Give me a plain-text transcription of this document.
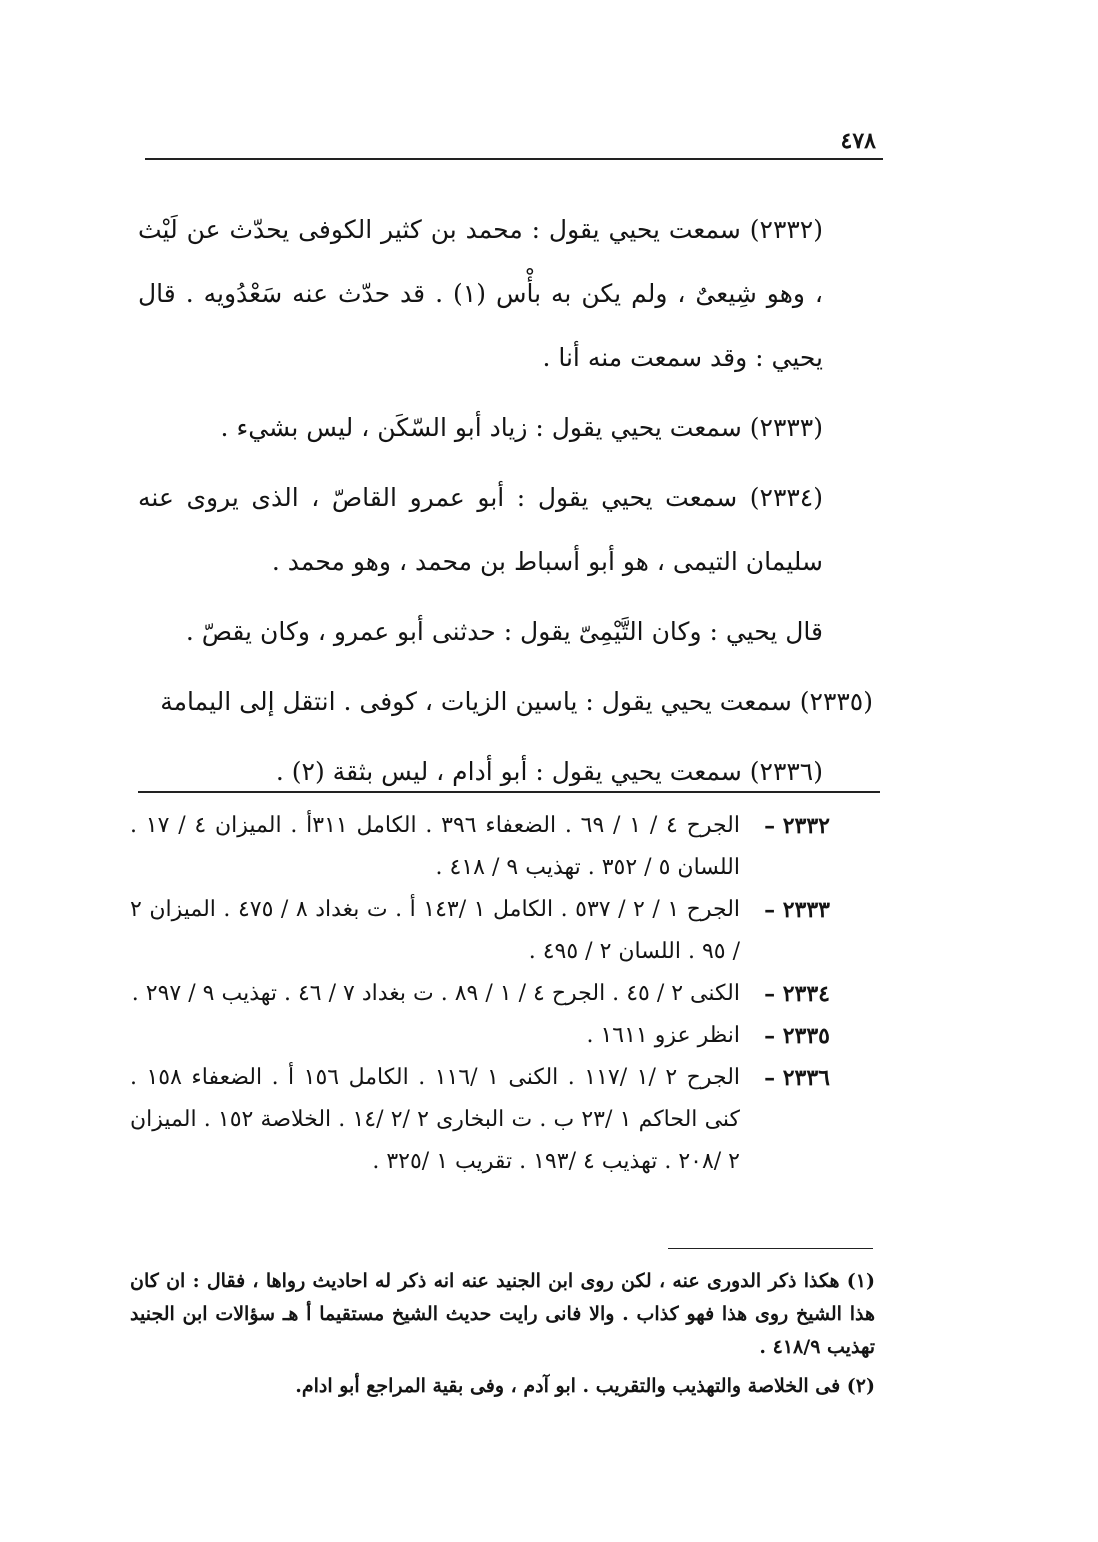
٤٧٨

(٢٣٣٢) سمعت يحيي يقول : محمد بن كثير الكوفى يحدّث عن لَيْث ، وهو شِيعىٌ ، ولم يكن به بأْس (١) . قد حدّث عنه سَعْدُويه . قال يحيي : وقد سمعت منه أنا .

(٢٣٣٣) سمعت يحيي يقول : زياد أبو السّكَن ، ليس بشيء .

(٢٣٣٤) سمعت يحيي يقول : أبو عمرو القاصّ ، الذى يروى عنه سليمان التيمى ، هو أبو أسباط بن محمد ، وهو محمد .

قال يحيي : وكان التَّيْمِىّ يقول : حدثنى أبو عمرو ، وكان يقصّ .

(٢٣٣٥) سمعت يحيي يقول : ياسين الزيات ، كوفى . انتقل إلى اليمامة

(٢٣٣٦) سمعت يحيي يقول : أبو أدام ، ليس بثقة (٢) .

٢٣٣٢ –
الجرح ٤ / ١ / ٦٩ . الضعفاء ٣٩٦ . الكامل ٣١١أ . الميزان ٤ / ١٧ . اللسان ٥ / ٣٥٢ . تهذيب ٩ / ٤١٨ .
٢٣٣٣ –
الجرح ١ / ٢ / ٥٣٧ . الكامل ١ /١٤٣ أ . ت بغداد ٨ / ٤٧٥ . الميزان ٢ / ٩٥ . اللسان ٢ / ٤٩٥ .
٢٣٣٤ –
الكنى ٢ / ٤٥ . الجرح ٤ / ١ / ٨٩ . ت بغداد ٧ / ٤٦ . تهذيب ٩ / ٢٩٧ .
٢٣٣٥ –
انظر عزو ١٦١١ .
٢٣٣٦ –
الجرح ٢ /١ /١١٧ . الكنى ١ /١١٦ . الكامل ١٥٦ أ . الضعفاء ١٥٨ . كنى الحاكم ١ /٢٣ ب . ت البخارى ٢ /٢ /١٤ . الخلاصة ١٥٢ . الميزان ٢ /٢٠٨ . تهذيب ٤ /١٩٣ . تقريب ١ /٣٢٥ .

(١) هكذا ذكر الدورى عنه ، لكن روى ابن الجنيد عنه انه ذكر له احاديث رواها ، فقال : ان كان هذا الشيخ روى هذا فهو كذاب . والا فانى رايت حديث الشيخ مستقيما أ هـ سؤالات ابن الجنيد تهذيب ٤١٨/٩ .

(٢) فى الخلاصة والتهذيب والتقريب . ابو آدم ، وفى بقية المراجع أبو ادام.
